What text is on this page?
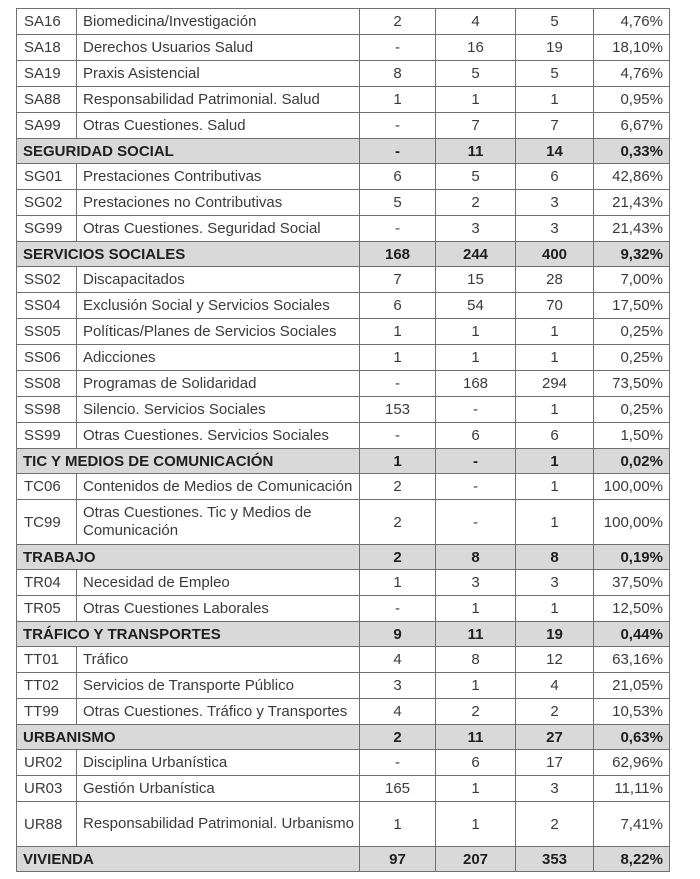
SA16	Biomedicina/Investigación	2	4	5	4,76%
SA18	Derechos Usuarios Salud	-	16	19	18,10%
SA19	Praxis Asistencial	8	5	5	4,76%
SA88	Responsabilidad Patrimonial. Salud	1	1	1	0,95%
SA99	Otras Cuestiones. Salud	-	7	7	6,67%
SEGURIDAD SOCIAL		-	11	14	0,33%
SG01	Prestaciones Contributivas	6	5	6	42,86%
SG02	Prestaciones no Contributivas	5	2	3	21,43%
SG99	Otras Cuestiones. Seguridad Social	-	3	3	21,43%
SERVICIOS SOCIALES		168	244	400	9,32%
SS02	Discapacitados	7	15	28	7,00%
SS04	Exclusión Social y Servicios Sociales	6	54	70	17,50%
SS05	Políticas/Planes de Servicios Sociales	1	1	1	0,25%
SS06	Adicciones	1	1	1	0,25%
SS08	Programas de Solidaridad	-	168	294	73,50%
SS98	Silencio. Servicios Sociales	153	-	1	0,25%
SS99	Otras Cuestiones. Servicios Sociales	-	6	6	1,50%
TIC Y MEDIOS DE COMUNICACIÓN		1	-	1	0,02%
TC06	Contenidos de Medios de Comunicación	2	-	1	100,00%
TC99	Otras Cuestiones. Tic y Medios de Comunicación	2	-	1	100,00%
TRABAJO		2	8	8	0,19%
TR04	Necesidad de Empleo	1	3	3	37,50%
TR05	Otras Cuestiones Laborales	-	1	1	12,50%
TRÁFICO Y TRANSPORTES		9	11	19	0,44%
TT01	Tráfico	4	8	12	63,16%
TT02	Servicios de Transporte Público	3	1	4	21,05%
TT99	Otras Cuestiones. Tráfico y Transportes	4	2	2	10,53%
URBANISMO		2	11	27	0,63%
UR02	Disciplina Urbanística	-	6	17	62,96%
UR03	Gestión Urbanística	165	1	3	11,11%
UR88	Responsabilidad Patrimonial. Urbanismo	1	1	2	7,41%
VIVIENDA		97	207	353	8,22%
